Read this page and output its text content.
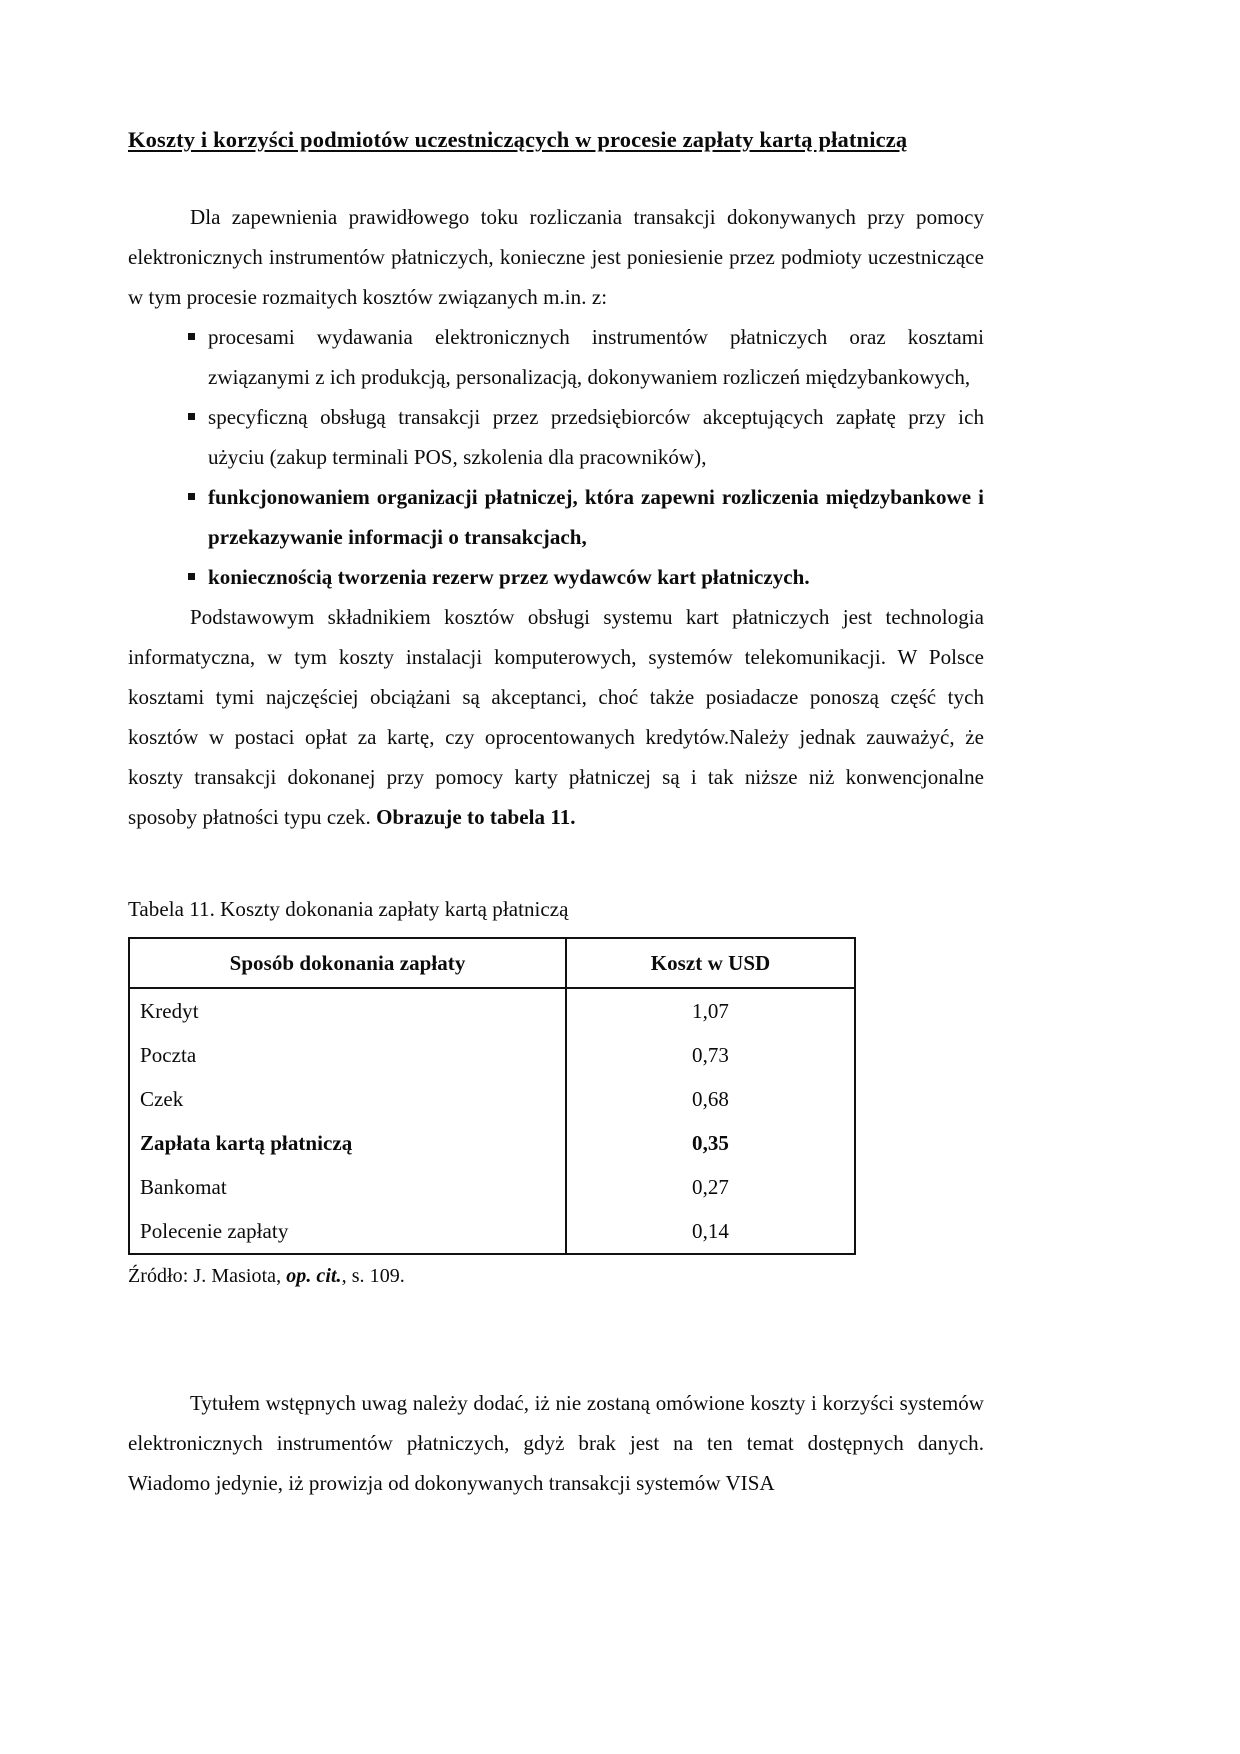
Koszty i korzyści podmiotów uczestniczących w procesie zapłaty kartą płatniczą

Dla zapewnienia prawidłowego toku rozliczania transakcji dokonywanych przy pomocy elektronicznych instrumentów płatniczych, konieczne jest poniesienie przez podmioty uczestniczące w tym procesie rozmaitych kosztów związanych m.in. z:

procesami wydawania elektronicznych instrumentów płatniczych oraz kosztami związanymi z ich produkcją, personalizacją, dokonywaniem rozliczeń międzybankowych,
specyficzną obsługą transakcji przez przedsiębiorców akceptujących zapłatę przy ich użyciu (zakup terminali POS, szkolenia dla pracowników),
funkcjonowaniem organizacji płatniczej, która zapewni rozliczenia międzybankowe i przekazywanie informacji o transakcjach,
koniecznością tworzenia rezerw przez wydawców kart płatniczych.

Podstawowym składnikiem kosztów obsługi systemu kart płatniczych jest technologia informatyczna, w tym koszty instalacji komputerowych, systemów telekomunikacji. W Polsce kosztami tymi najczęściej obciążani są akceptanci, choć także posiadacze ponoszą część tych kosztów w postaci opłat za kartę, czy oprocentowanych kredytów.Należy jednak zauważyć, że koszty transakcji dokonanej przy pomocy karty płatniczej są i tak niższe niż konwencjonalne sposoby płatności typu czek. Obrazuje to tabela 11.

Tabela 11. Koszty dokonania zapłaty kartą płatniczą

Sposób dokonania zapłaty	Koszt w USD
Kredyt	1,07
Poczta	0,73
Czek	0,68
Zapłata kartą płatniczą	0,35
Bankomat	0,27
Polecenie zapłaty	0,14

Źródło: J. Masiota, op. cit., s. 109.

Tytułem wstępnych uwag należy dodać, iż nie zostaną omówione koszty i korzyści systemów elektronicznych instrumentów płatniczych, gdyż brak jest na ten temat dostępnych danych. Wiadomo jedynie, iż prowizja od dokonywanych transakcji systemów VISA
